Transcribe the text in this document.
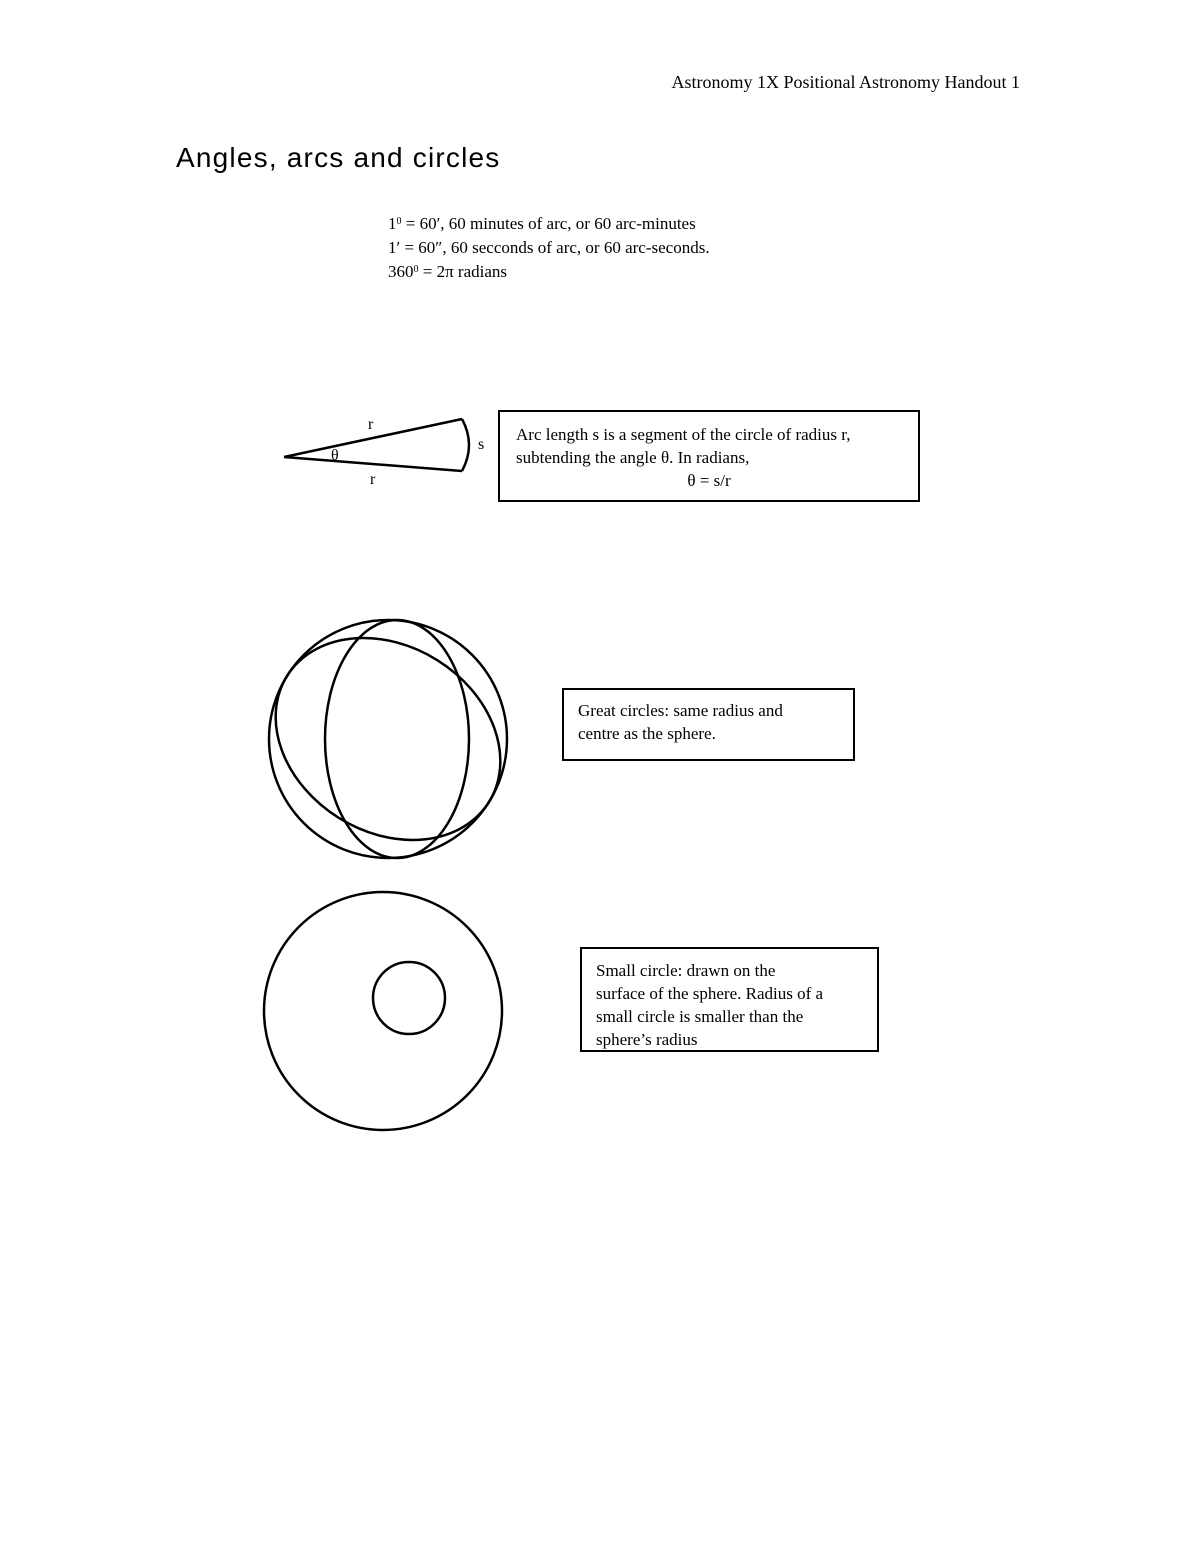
Astronomy 1X Positional Astronomy Handout 1
Angles, arcs and circles
$1^0 = 60'$, 60 minutes of arc, or 60 arc-minutes
1′ = 60″, 60 secconds of arc, or 60 arc-seconds.
$360^0 = 2\pi$ radians
r
r
θ
s
Arc length s is a segment of the circle of radius r,
subtending the angle θ. In radians,

θ = s/r
Great circles: same radius and
centre as the sphere.
Small circle: drawn on the
surface of the sphere. Radius of a
small circle is smaller than the
sphere’s radius
